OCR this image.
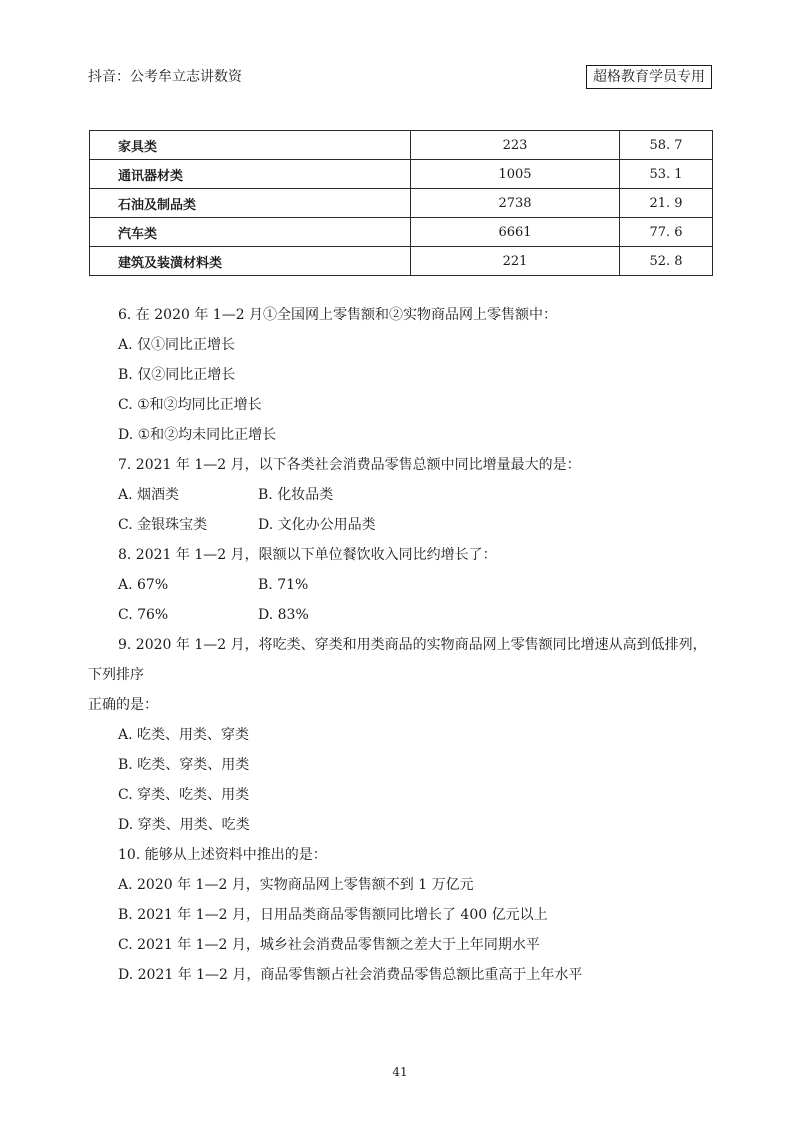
抖音：公考牟立志讲数资	超格教育学员专用
家具类	223	58. 7
通讯器材类	1005	53. 1
石油及制品类	2738	21. 9
汽车类	6661	77. 6
建筑及装潢材料类	221	52. 8
6. 在 2020 年 1—2 月①全国网上零售额和②实物商品网上零售额中：
A. 仅①同比正增长
B. 仅②同比正增长
C. ①和②均同比正增长
D. ①和②均未同比正增长
7. 2021 年 1—2 月，以下各类社会消费品零售总额中同比增量最大的是：
A. 烟酒类	B. 化妆品类
C. 金银珠宝类	D. 文化办公用品类
8. 2021 年 1—2 月，限额以下单位餐饮收入同比约增长了：
A. 67%	B. 71%
C. 76%	D. 83%
9. 2020 年 1—2 月，将吃类、穿类和用类商品的实物商品网上零售额同比增速从高到低排列，下列排序
正确的是：
A. 吃类、用类、穿类
B. 吃类、穿类、用类
C. 穿类、吃类、用类
D. 穿类、用类、吃类
10. 能够从上述资料中推出的是：
A. 2020 年 1—2 月，实物商品网上零售额不到 1 万亿元
B. 2021 年 1—2 月，日用品类商品零售额同比增长了 400 亿元以上
C. 2021 年 1—2 月，城乡社会消费品零售额之差大于上年同期水平
D. 2021 年 1—2 月，商品零售额占社会消费品零售总额比重高于上年水平
41
